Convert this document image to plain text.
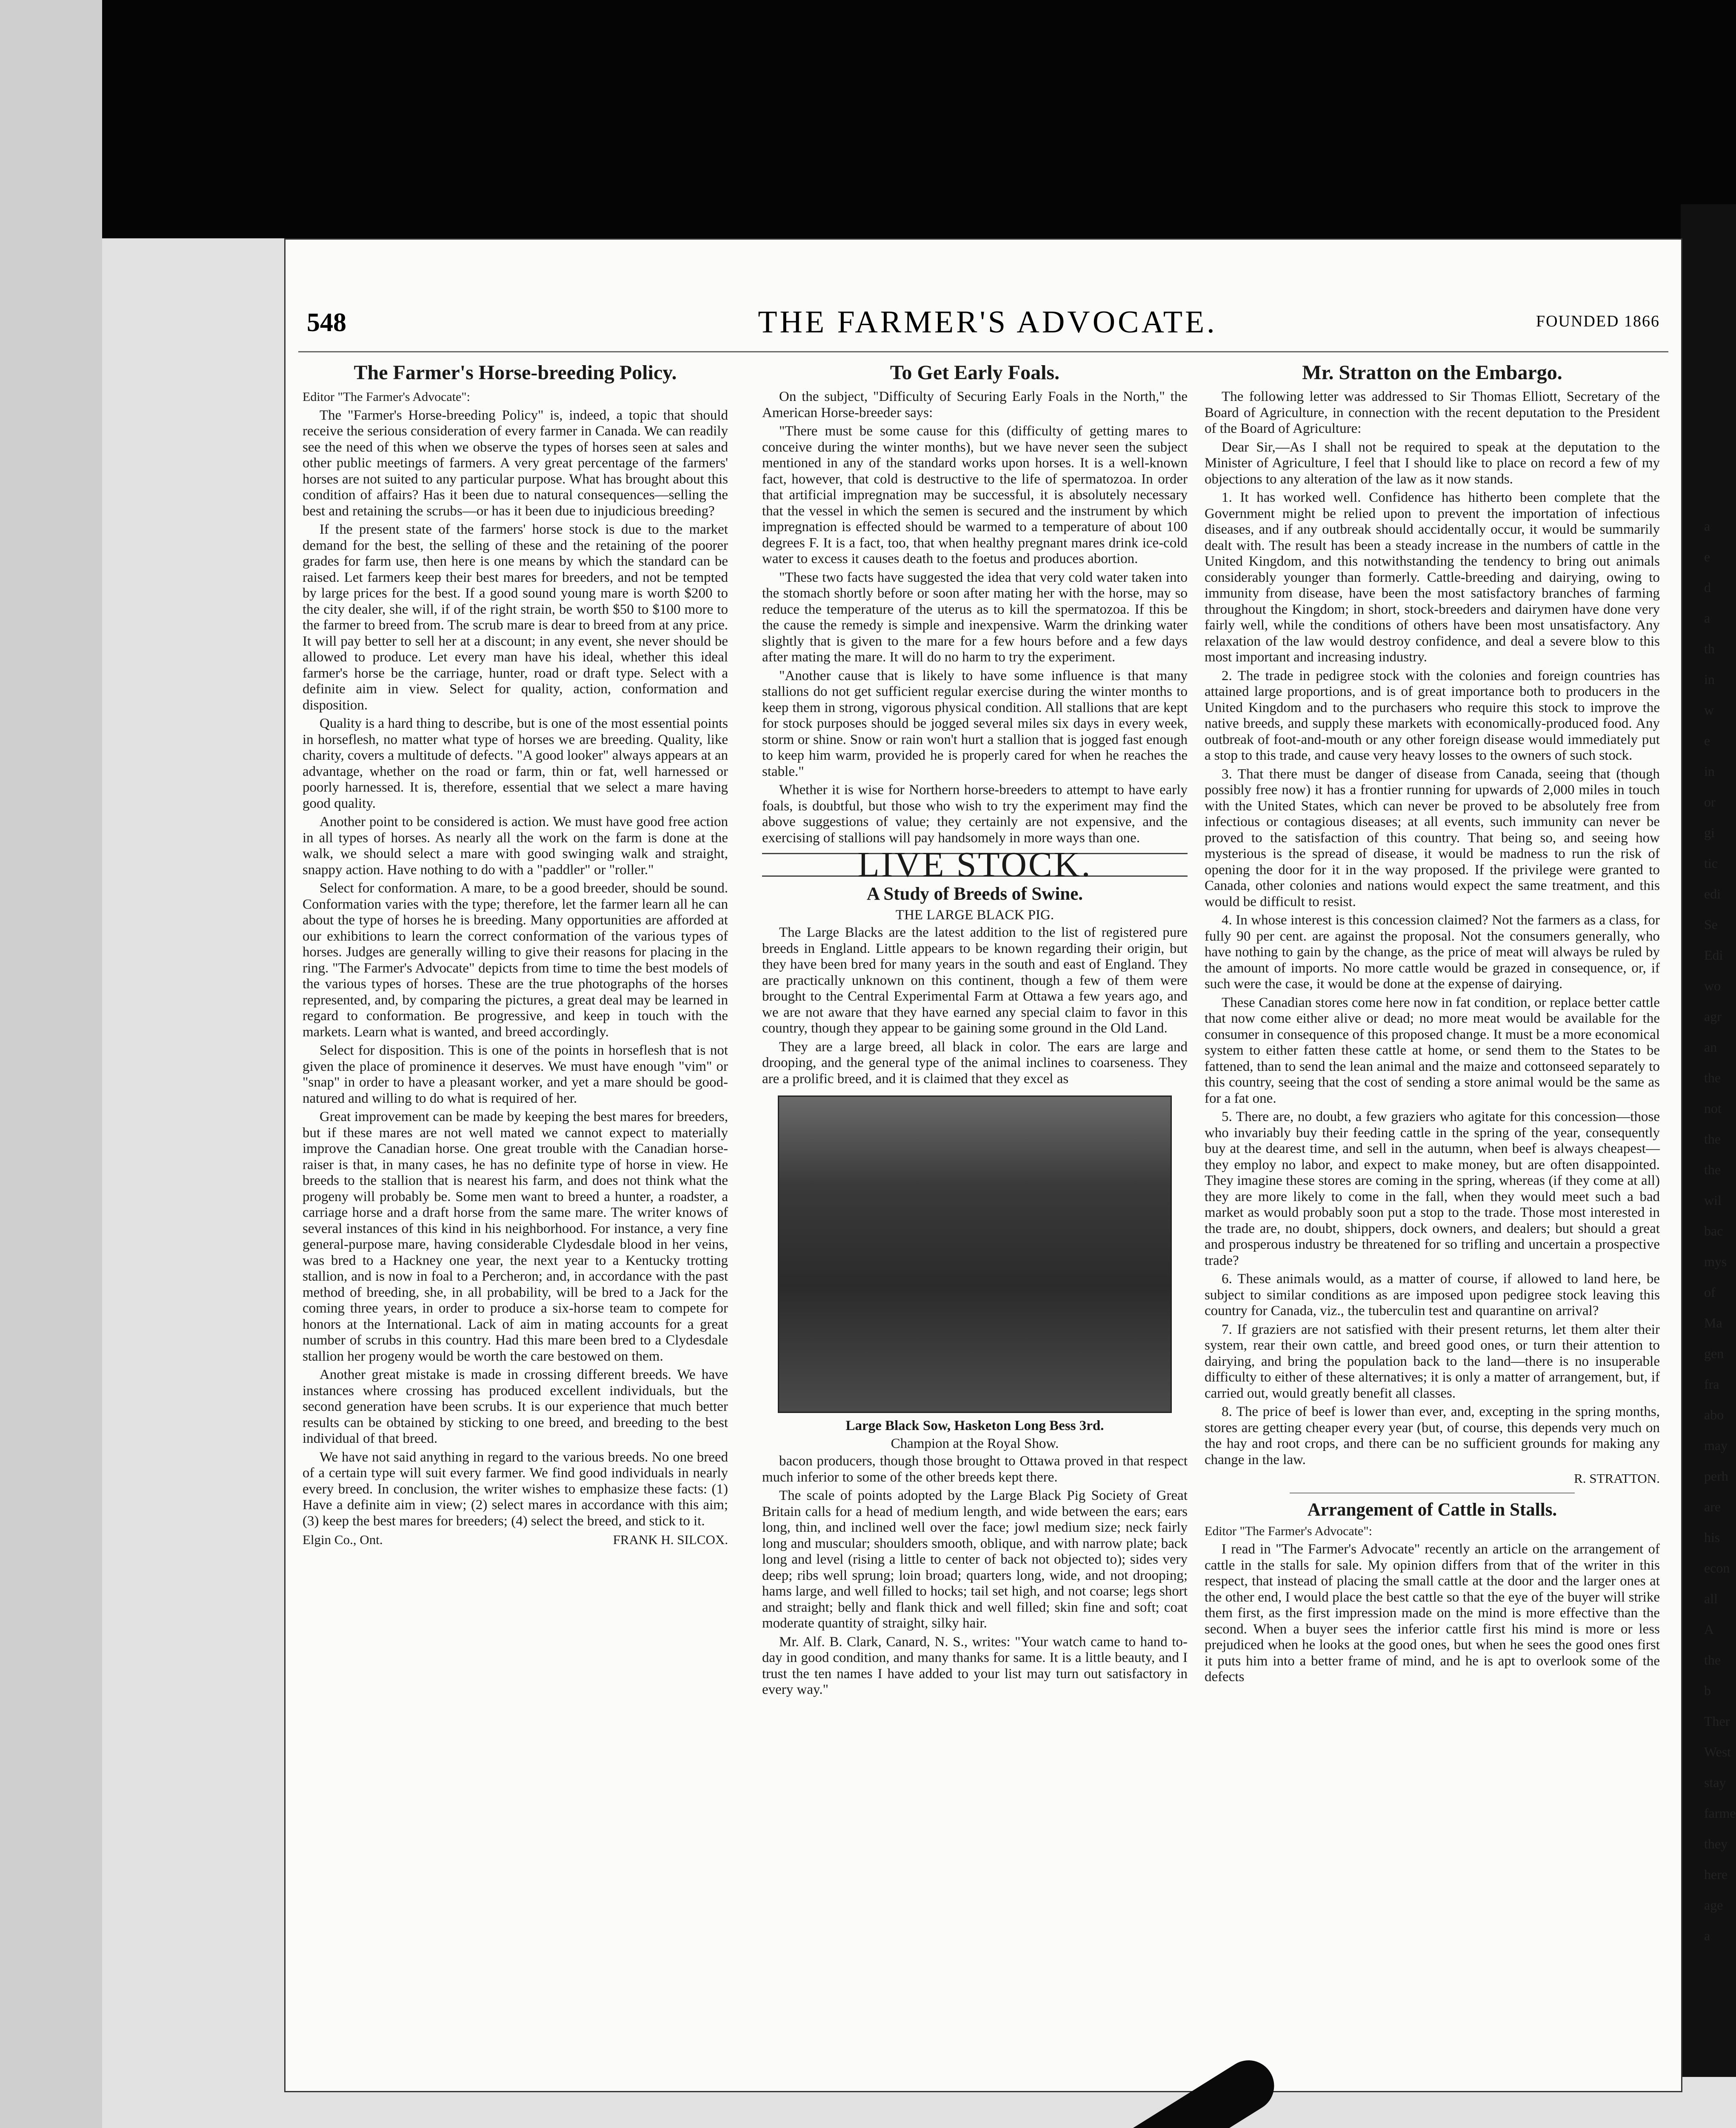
548	THE FARMER'S ADVOCATE.	FOUNDED 1866
The Farmer's Horse-breeding Policy.

Editor "The Farmer's Advocate":

The "Farmer's Horse-breeding Policy" is, indeed, a topic that should receive the serious consideration of every farmer in Canada. We can readily see the need of this when we observe the types of horses seen at sales and other public meetings of farmers. A very great percentage of the farmers' horses are not suited to any particular purpose. What has brought about this condition of affairs? Has it been due to natural consequences—selling the best and retaining the scrubs—or has it been due to injudicious breeding?

If the present state of the farmers' horse stock is due to the market demand for the best, the selling of these and the retaining of the poorer grades for farm use, then here is one means by which the standard can be raised. Let farmers keep their best mares for breeders, and not be tempted by large prices for the best. If a good sound young mare is worth $200 to the city dealer, she will, if of the right strain, be worth $50 to $100 more to the farmer to breed from. The scrub mare is dear to breed from at any price. It will pay better to sell her at a discount; in any event, she never should be allowed to produce. Let every man have his ideal, whether this ideal farmer's horse be the carriage, hunter, road or draft type. Select with a definite aim in view. Select for quality, action, conformation and disposition.

Quality is a hard thing to describe, but is one of the most essential points in horseflesh, no matter what type of horses we are breeding. Quality, like charity, covers a multitude of defects. "A good looker" always appears at an advantage, whether on the road or farm, thin or fat, well harnessed or poorly harnessed. It is, therefore, essential that we select a mare having good quality.

Another point to be considered is action. We must have good free action in all types of horses. As nearly all the work on the farm is done at the walk, we should select a mare with good swinging walk and straight, snappy action. Have nothing to do with a "paddler" or "roller."

Select for conformation. A mare, to be a good breeder, should be sound. Conformation varies with the type; therefore, let the farmer learn all he can about the type of horses he is breeding. Many opportunities are afforded at our exhibitions to learn the correct conformation of the various types of horses. Judges are generally willing to give their reasons for placing in the ring. "The Farmer's Advocate" depicts from time to time the best models of the various types of horses. These are the true photographs of the horses represented, and, by comparing the pictures, a great deal may be learned in regard to conformation. Be progressive, and keep in touch with the markets. Learn what is wanted, and breed accordingly.

Select for disposition. This is one of the points in horseflesh that is not given the place of prominence it deserves. We must have enough "vim" or "snap" in order to have a pleasant worker, and yet a mare should be good-natured and willing to do what is required of her.

Great improvement can be made by keeping the best mares for breeders, but if these mares are not well mated we cannot expect to materially improve the Canadian horse. One great trouble with the Canadian horse-raiser is that, in many cases, he has no definite type of horse in view. He breeds to the stallion that is nearest his farm, and does not think what the progeny will probably be. Some men want to breed a hunter, a roadster, a carriage horse and a draft horse from the same mare. The writer knows of several instances of this kind in his neighborhood. For instance, a very fine general-purpose mare, having considerable Clydesdale blood in her veins, was bred to a Hackney one year, the next year to a Kentucky trotting stallion, and is now in foal to a Percheron; and, in accordance with the past method of breeding, she, in all probability, will be bred to a Jack for the coming three years, in order to produce a six-horse team to compete for honors at the International. Lack of aim in mating accounts for a great number of scrubs in this country. Had this mare been bred to a Clydesdale stallion her progeny would be worth the care bestowed on them.

Another great mistake is made in crossing different breeds. We have instances where crossing has produced excellent individuals, but the second generation have been scrubs. It is our experience that much better results can be obtained by sticking to one breed, and breeding to the best individual of that breed.

We have not said anything in regard to the various breeds. No one breed of a certain type will suit every farmer. We find good individuals in nearly every breed. In conclusion, the writer wishes to emphasize these facts: (1) Have a definite aim in view; (2) select mares in accordance with this aim; (3) keep the best mares for breeders; (4) select the breed, and stick to it.

Elgin Co., Ont.	FRANK H. SILCOX.
To Get Early Foals.

On the subject, "Difficulty of Securing Early Foals in the North," the American Horse-breeder says:

"There must be some cause for this (difficulty of getting mares to conceive during the winter months), but we have never seen the subject mentioned in any of the standard works upon horses. It is a well-known fact, however, that cold is destructive to the life of spermatozoa. In order that artificial impregnation may be successful, it is absolutely necessary that the vessel in which the semen is secured and the instrument by which impregnation is effected should be warmed to a temperature of about 100 degrees F. It is a fact, too, that when healthy pregnant mares drink ice-cold water to excess it causes death to the foetus and produces abortion.

"These two facts have suggested the idea that very cold water taken into the stomach shortly before or soon after mating her with the horse, may so reduce the temperature of the uterus as to kill the spermatozoa. If this be the cause the remedy is simple and inexpensive. Warm the drinking water slightly that is given to the mare for a few hours before and a few days after mating the mare. It will do no harm to try the experiment.

"Another cause that is likely to have some influence is that many stallions do not get sufficient regular exercise during the winter months to keep them in strong, vigorous physical condition. All stallions that are kept for stock purposes should be jogged several miles six days in every week, storm or shine. Snow or rain won't hurt a stallion that is jogged fast enough to keep him warm, provided he is properly cared for when he reaches the stable."

Whether it is wise for Northern horse-breeders to attempt to have early foals, is doubtful, but those who wish to try the experiment may find the above suggestions of value; they certainly are not expensive, and the exercising of stallions will pay handsomely in more ways than one.

LIVE STOCK.
A Study of Breeds of Swine.
THE LARGE BLACK PIG.

The Large Blacks are the latest addition to the list of registered pure breeds in England. Little appears to be known regarding their origin, but they have been bred for many years in the south and east of England. They are practically unknown on this continent, though a few of them were brought to the Central Experimental Farm at Ottawa a few years ago, and we are not aware that they have earned any special claim to favor in this country, though they appear to be gaining some ground in the Old Land.

They are a large breed, all black in color. The ears are large and drooping, and the general type of the animal inclines to coarseness. They are a prolific breed, and it is claimed that they excel as

Large Black Sow, Hasketon Long Bess 3rd.
Champion at the Royal Show.

bacon producers, though those brought to Ottawa proved in that respect much inferior to some of the other breeds kept there.

The scale of points adopted by the Large Black Pig Society of Great Britain calls for a head of medium length, and wide between the ears; ears long, thin, and inclined well over the face; jowl medium size; neck fairly long and muscular; shoulders smooth, oblique, and with narrow plate; back long and level (rising a little to center of back not objected to); sides very deep; ribs well sprung; loin broad; quarters long, wide, and not drooping; hams large, and well filled to hocks; tail set high, and not coarse; legs short and straight; belly and flank thick and well filled; skin fine and soft; coat moderate quantity of straight, silky hair.

Mr. Alf. B. Clark, Canard, N. S., writes: "Your watch came to hand to-day in good condition, and many thanks for same. It is a little beauty, and I trust the ten names I have added to your list may turn out satisfactory in every way."

Mr. Stratton on the Embargo.

The following letter was addressed to Sir Thomas Elliott, Secretary of the Board of Agriculture, in connection with the recent deputation to the President of the Board of Agriculture:

Dear Sir,—As I shall not be required to speak at the deputation to the Minister of Agriculture, I feel that I should like to place on record a few of my objections to any alteration of the law as it now stands.

1. It has worked well. Confidence has hitherto been complete that the Government might be relied upon to prevent the importation of infectious diseases, and if any outbreak should accidentally occur, it would be summarily dealt with. The result has been a steady increase in the numbers of cattle in the United Kingdom, and this notwithstanding the tendency to bring out animals considerably younger than formerly. Cattle-breeding and dairying, owing to immunity from disease, have been the most satisfactory branches of farming throughout the Kingdom; in short, stock-breeders and dairymen have done very fairly well, while the conditions of others have been most unsatisfactory. Any relaxation of the law would destroy confidence, and deal a severe blow to this most important and increasing industry.

2. The trade in pedigree stock with the colonies and foreign countries has attained large proportions, and is of great importance both to producers in the United Kingdom and to the purchasers who require this stock to improve the native breeds, and supply these markets with economically-produced food. Any outbreak of foot-and-mouth or any other foreign disease would immediately put a stop to this trade, and cause very heavy losses to the owners of such stock.

3. That there must be danger of disease from Canada, seeing that (though possibly free now) it has a frontier running for upwards of 2,000 miles in touch with the United States, which can never be proved to be absolutely free from infectious or contagious diseases; at all events, such immunity can never be proved to the satisfaction of this country. That being so, and seeing how mysterious is the spread of disease, it would be madness to run the risk of opening the door for it in the way proposed. If the privilege were granted to Canada, other colonies and nations would expect the same treatment, and this would be difficult to resist.

4. In whose interest is this concession claimed? Not the farmers as a class, for fully 90 per cent. are against the proposal. Not the consumers generally, who have nothing to gain by the change, as the price of meat will always be ruled by the amount of imports. No more cattle would be grazed in consequence, or, if such were the case, it would be done at the expense of dairying.

These Canadian stores come here now in fat condition, or replace better cattle that now come either alive or dead; no more meat would be available for the consumer in consequence of this proposed change. It must be a more economical system to either fatten these cattle at home, or send them to the States to be fattened, than to send the lean animal and the maize and cottonseed separately to this country, seeing that the cost of sending a store animal would be the same as for a fat one.

5. There are, no doubt, a few graziers who agitate for this concession—those who invariably buy their feeding cattle in the spring of the year, consequently buy at the dearest time, and sell in the autumn, when beef is always cheapest—they employ no labor, and expect to make money, but are often disappointed. They imagine these stores are coming in the spring, whereas (if they come at all) they are more likely to come in the fall, when they would meet such a bad market as would probably soon put a stop to the trade. Those most interested in the trade are, no doubt, shippers, dock owners, and dealers; but should a great and prosperous industry be threatened for so trifling and uncertain a prospective trade?

6. These animals would, as a matter of course, if allowed to land here, be subject to similar conditions as are imposed upon pedigree stock leaving this country for Canada, viz., the tuberculin test and quarantine on arrival?

7. If graziers are not satisfied with their present returns, let them alter their system, rear their own cattle, and breed good ones, or turn their attention to dairying, and bring the population back to the land—there is no insuperable difficulty to either of these alternatives; it is only a matter of arrangement, but, if carried out, would greatly benefit all classes.

8. The price of beef is lower than ever, and, excepting in the spring months, stores are getting cheaper every year (but, of course, this depends very much on the hay and root crops, and there can be no sufficient grounds for making any change in the law.

R. STRATTON.
Arrangement of Cattle in Stalls.

Editor "The Farmer's Advocate":

I read in "The Farmer's Advocate" recently an article on the arrangement of cattle in the stalls for sale. My opinion differs from that of the writer in this respect, that instead of placing the small cattle at the door and the larger ones at the other end, I would place the best cattle so that the eye of the buyer will strike them first, as the first impression made on the mind is more effective than the second. When a buyer sees the inferior cattle first his mind is more or less prejudiced when he looks at the good ones, but when he sees the good ones first it puts him into a better frame of mind, and he is apt to overlook some of the defects

a
e
d
a
th
in
w
e
in
or
gi
tic
edi
Se
Edi
wo
agr
an
the
not
the
the
wil
bac
mys
of
Ma
gen
fra
abo
may
perh
are
his
econ
all
A
the
b
Ther
West
stay
farme
they
here
age
a
